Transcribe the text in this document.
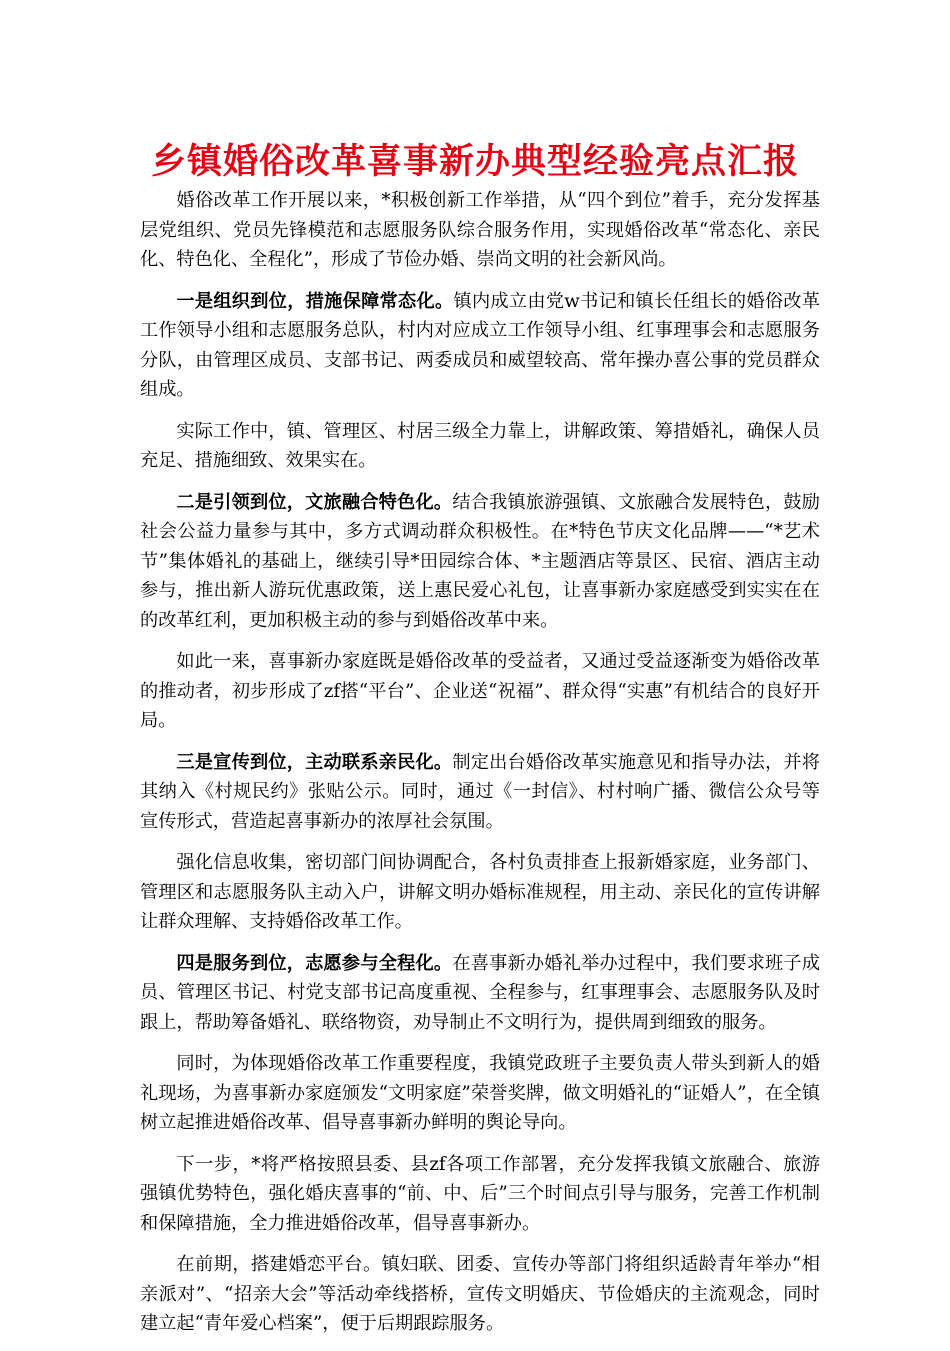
乡镇婚俗改革喜事新办典型经验亮点汇报

婚俗改革工作开展以来，*积极创新工作举措，从“四个到位”着手，充分发挥基层党组织、党员先锋模范和志愿服务队综合服务作用，实现婚俗改革“常态化、亲民化、特色化、全程化”，形成了节俭办婚、崇尚文明的社会新风尚。

一是组织到位，措施保障常态化。镇内成立由党w书记和镇长任组长的婚俗改革工作领导小组和志愿服务总队，村内对应成立工作领导小组、红事理事会和志愿服务分队，由管理区成员、支部书记、两委成员和威望较高、常年操办喜公事的党员群众组成。

实际工作中，镇、管理区、村居三级全力靠上，讲解政策、筹措婚礼，确保人员充足、措施细致、效果实在。

二是引领到位，文旅融合特色化。结合我镇旅游强镇、文旅融合发展特色，鼓励社会公益力量参与其中，多方式调动群众积极性。在*特色节庆文化品牌——“*艺术节”集体婚礼的基础上，继续引导*田园综合体、*主题酒店等景区、民宿、酒店主动参与，推出新人游玩优惠政策，送上惠民爱心礼包，让喜事新办家庭感受到实实在在的改革红利，更加积极主动的参与到婚俗改革中来。

如此一来，喜事新办家庭既是婚俗改革的受益者，又通过受益逐渐变为婚俗改革的推动者，初步形成了zf搭“平台”、企业送“祝福”、群众得“实惠”有机结合的良好开局。

三是宣传到位，主动联系亲民化。制定出台婚俗改革实施意见和指导办法，并将其纳入《村规民约》张贴公示。同时，通过《一封信》、村村响广播、微信公众号等宣传形式，营造起喜事新办的浓厚社会氛围。

强化信息收集，密切部门间协调配合，各村负责排查上报新婚家庭，业务部门、管理区和志愿服务队主动入户，讲解文明办婚标准规程，用主动、亲民化的宣传讲解让群众理解、支持婚俗改革工作。

四是服务到位，志愿参与全程化。在喜事新办婚礼举办过程中，我们要求班子成员、管理区书记、村党支部书记高度重视、全程参与，红事理事会、志愿服务队及时跟上，帮助筹备婚礼、联络物资，劝导制止不文明行为，提供周到细致的服务。

同时，为体现婚俗改革工作重要程度，我镇党政班子主要负责人带头到新人的婚礼现场，为喜事新办家庭颁发“文明家庭”荣誉奖牌，做文明婚礼的“证婚人”，在全镇树立起推进婚俗改革、倡导喜事新办鲜明的舆论导向。

下一步，*将严格按照县委、县zf各项工作部署，充分发挥我镇文旅融合、旅游强镇优势特色，强化婚庆喜事的“前、中、后”三个时间点引导与服务，完善工作机制和保障措施，全力推进婚俗改革，倡导喜事新办。

在前期，搭建婚恋平台。镇妇联、团委、宣传办等部门将组织适龄青年举办“相亲派对”、“招亲大会”等活动牵线搭桥，宣传文明婚庆、节俭婚庆的主流观念，同时建立起“青年爱心档案”，便于后期跟踪服务。
